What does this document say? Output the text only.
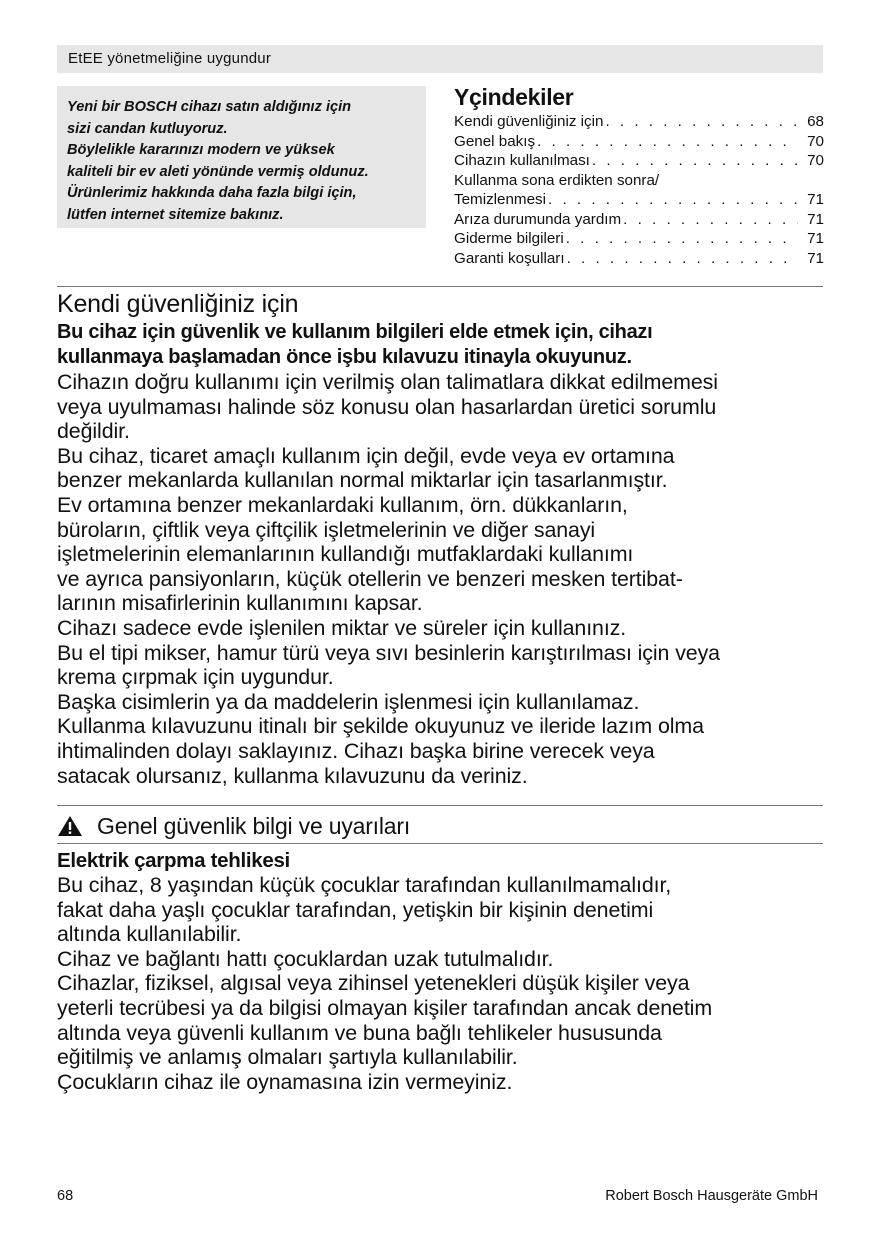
EtEE yönetmeliğine uygundur
Yeni bir BOSCH cihazı satın aldığınız için
sizi candan kutluyoruz.
Böylelikle kararınızı modern ve yüksek
kaliteli bir ev aleti yönünde vermiş oldunuz.
Ürünlerimiz hakkında daha fazla bilgi için,
lütfen internet sitemize bakınız.
Yçindekiler
Kendi güvenliğiniz için . . .	68
Genel bakış . . .	70
Cihazın kullanılması . . .	70
Kullanma sona erdikten sonra/
Temizlenmesi . . .	71
Arıza durumunda yardım . . .	71
Giderme bilgileri . . .	71
Garanti koşulları . . .	71
Kendi güvenliğiniz için
Bu cihaz için güvenlik ve kullanım bilgileri elde etmek için, cihazı
kullanmaya başlamadan önce işbu kılavuzu itinayla okuyunuz.

Cihazın doğru kullanımı için verilmiş olan talimatlara dikkat edilmemesi

veya uyulmaması halinde söz konusu olan hasarlardan üretici sorumlu

değildir.

Bu cihaz, ticaret amaçlı kullanım için değil, evde veya ev ortamına

benzer mekanlarda kullanılan normal miktarlar için tasarlanmıştır.

Ev ortamına benzer mekanlardaki kullanım, örn. dükkanların,

büroların, çiftlik veya çiftçilik işletmelerinin ve diğer sanayi

işletmelerinin elemanlarının kullandığı mutfaklardaki kullanımı

ve ayrıca pansiyonların, küçük otellerin ve benzeri mesken tertibat-

larının misafirlerinin kullanımını kapsar.

Cihazı sadece evde işlenilen miktar ve süreler için kullanınız.

Bu el tipi mikser, hamur türü veya sıvı besinlerin karıştırılması için veya

krema çırpmak için uygundur.

Başka cisimlerin ya da maddelerin işlenmesi için kullanılamaz.

Kullanma kılavuzunu itinalı bir şekilde okuyunuz ve ileride lazım olma

ihtimalinden dolayı saklayınız. Cihazı başka birine verecek veya

satacak olursanız, kullanma kılavuzunu da veriniz.

Genel güvenlik bilgi ve uyarıları
Elektrik çarpma tehlikesi

Bu cihaz, 8 yaşından küçük çocuklar tarafından kullanılmamalıdır,

fakat daha yaşlı çocuklar tarafından, yetişkin bir kişinin denetimi

altında kullanılabilir.

Cihaz ve bağlantı hattı çocuklardan uzak tutulmalıdır.

Cihazlar, fiziksel, algısal veya zihinsel yetenekleri düşük kişiler veya

yeterli tecrübesi ya da bilgisi olmayan kişiler tarafından ancak denetim

altında veya güvenli kullanım ve buna bağlı tehlikeler hususunda

eğitilmiş ve anlamış olmaları şartıyla kullanılabilir.

Çocukların cihaz ile oynamasına izin vermeyiniz.

68	Robert Bosch Hausgeräte GmbH
